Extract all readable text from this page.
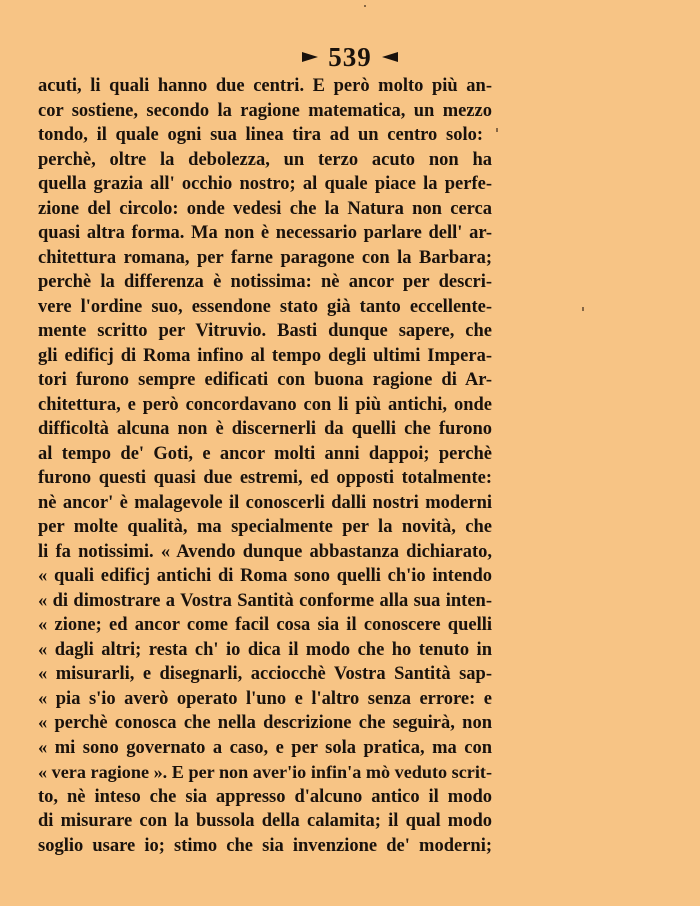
539
acuti, li quali hanno due centri. E però molto più an-
cor sostiene, secondo la ragione matematica, un mezzo
tondo, il quale ogni sua linea tira ad un centro solo:
perchè, oltre la debolezza, un terzo acuto non ha
quella grazia all' occhio nostro; al quale piace la perfe-
zione del circolo: onde vedesi che la Natura non cerca
quasi altra forma. Ma non è necessario parlare dell' ar-
chitettura romana, per farne paragone con la Barbara;
perchè la differenza è notissima: nè ancor per descri-
vere l'ordine suo, essendone stato già tanto eccellente-
mente scritto per Vitruvio. Basti dunque sapere, che
gli edificj di Roma infino al tempo degli ultimi Impera-
tori furono sempre edificati con buona ragione di Ar-
chitettura, e però concordavano con li più antichi, onde
difficoltà alcuna non è discernerli da quelli che furono
al tempo de' Goti, e ancor molti anni dappoi; perchè
furono questi quasi due estremi, ed opposti totalmente:
nè ancor' è malagevole il conoscerli dalli nostri moderni
per molte qualità, ma specialmente per la novità, che
li fa notissimi. « Avendo dunque abbastanza dichiarato,
« quali edificj antichi di Roma sono quelli ch'io intendo
« di dimostrare a Vostra Santità conforme alla sua inten-
« zione; ed ancor come facil cosa sia il conoscere quelli
« dagli altri; resta ch' io dica il modo che ho tenuto in
« misurarli, e disegnarli, acciocchè Vostra Santità sap-
« pia s'io averò operato l'uno e l'altro senza errore: e
« perchè conosca che nella descrizione che seguirà, non
« mi sono governato a caso, e per sola pratica, ma con
« vera ragione ». E per non aver'io infin'a mò veduto scrit-
to, nè inteso che sia appresso d'alcuno antico il modo
di misurare con la bussola della calamita; il qual modo
soglio usare io; stimo che sia invenzione de' moderni;
